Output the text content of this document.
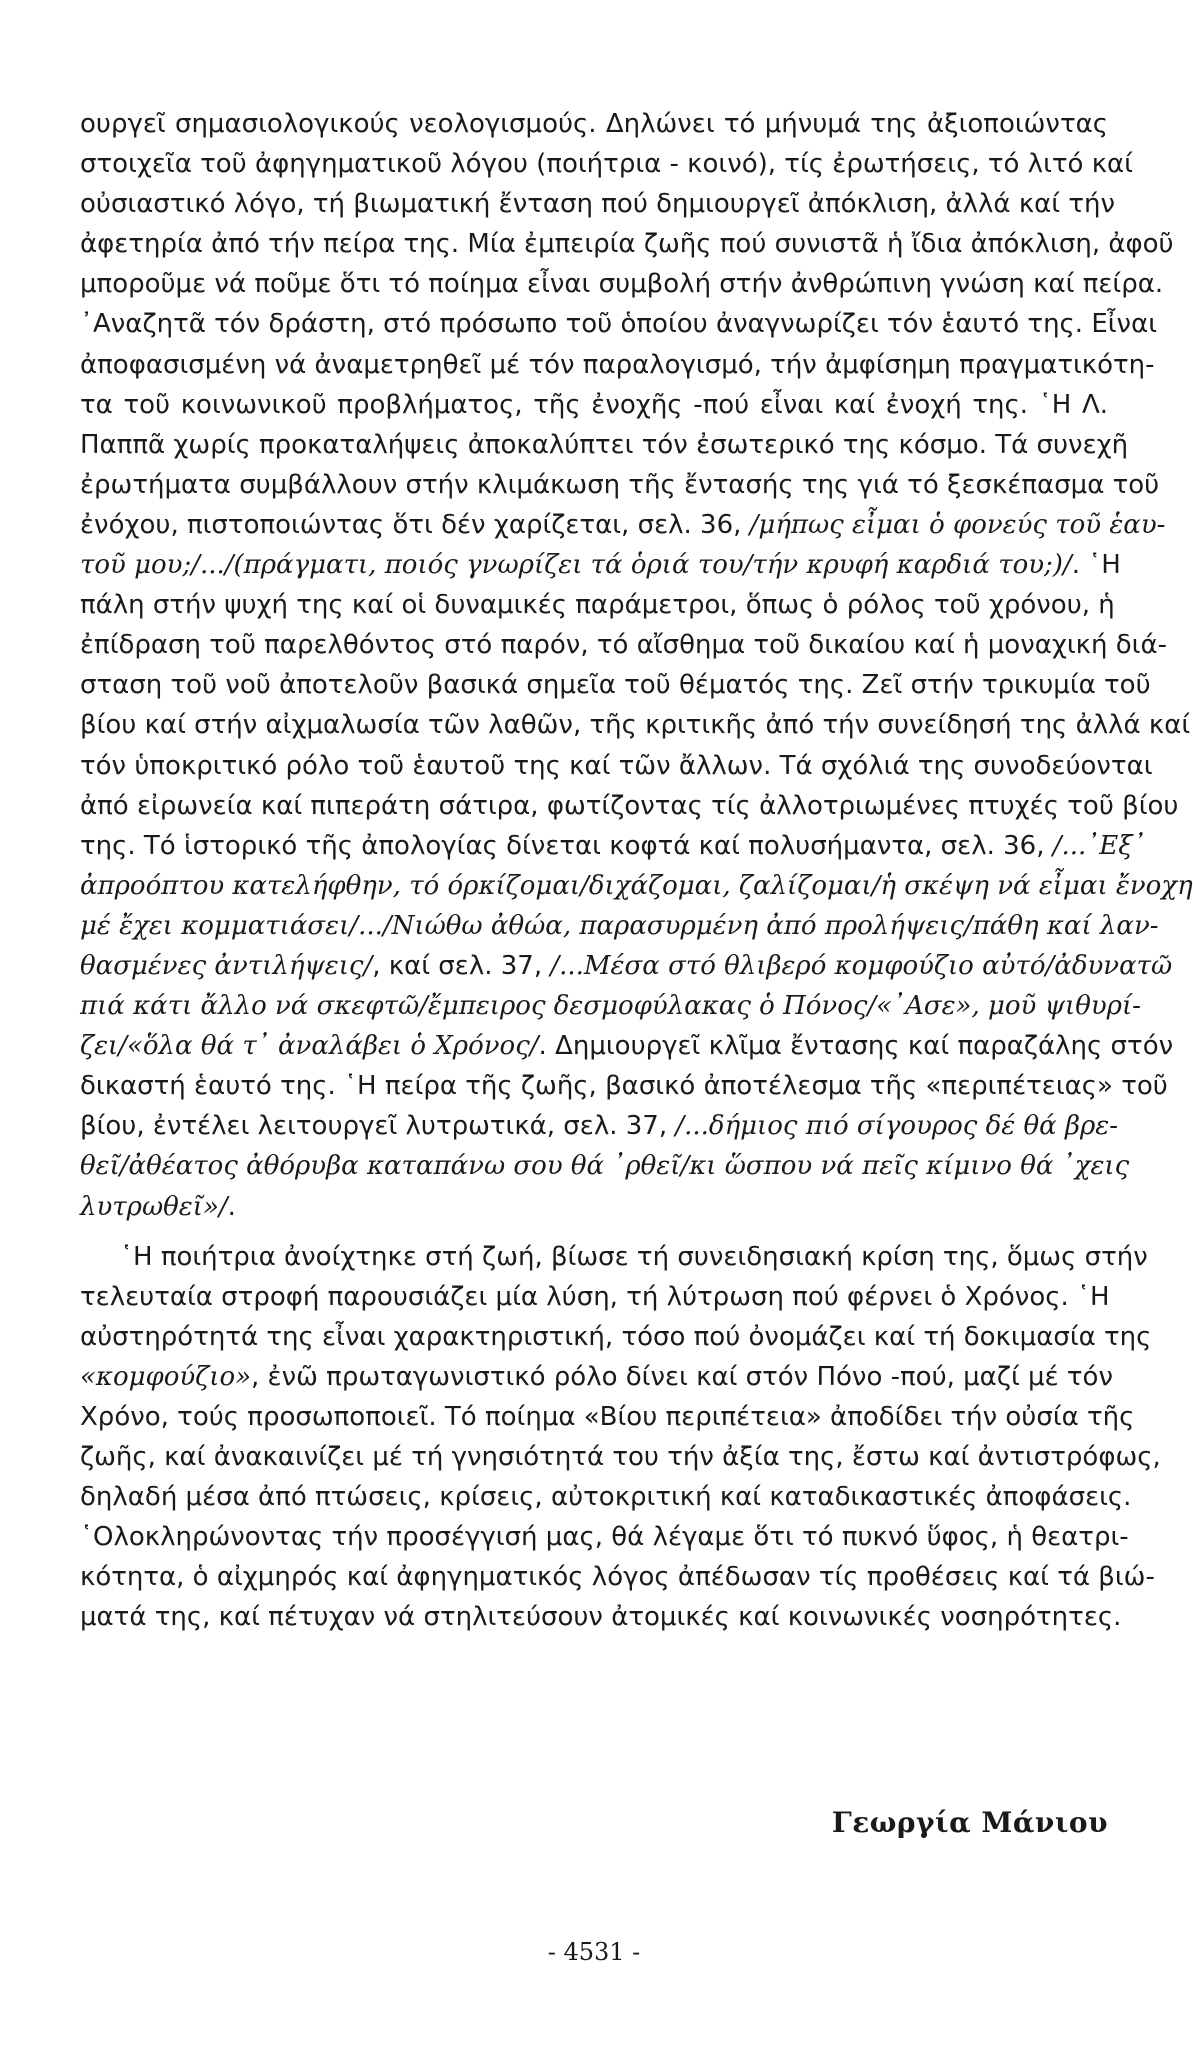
ουργεῖ σημασιολογικούς νεολογισμούς. Δηλώνει τό μήνυμά της ἀξιοποιώντας
στοιχεῖα τοῦ ἀφηγηματικοῦ λόγου (ποιήτρια - κοινό), τίς ἐρωτήσεις, τό λιτό καί
οὐσιαστικό λόγο, τή βιωματική ἔνταση πού δημιουργεῖ ἀπόκλιση, ἀλλά καί τήν
ἀφετηρία ἀπό τήν πείρα της. Μία ἐμπειρία ζωῆς πού συνιστᾶ ἡ ἴδια ἀπόκλιση, ἀφοῦ
μποροῦμε νά ποῦμε ὅτι τό ποίημα εἶναι συμβολή στήν ἀνθρώπινη γνώση καί πείρα.
᾿Αναζητᾶ τόν δράστη, στό πρόσωπο τοῦ ὁποίου ἀναγνωρίζει τόν ἑαυτό της. Εἶναι
ἀποφασισμένη νά ἀναμετρηθεῖ μέ τόν παραλογισμό, τήν ἀμφίσημη πραγματικότη-
τα τοῦ κοινωνικοῦ προβλήματος, τῆς ἐνοχῆς -πού εἶναι καί ἐνοχή της. ῾Η Λ.
Παππᾶ χωρίς προκαταλήψεις ἀποκαλύπτει τόν ἐσωτερικό της κόσμο. Τά συνεχῆ
ἐρωτήματα συμβάλλουν στήν κλιμάκωση τῆς ἔντασής της γιά τό ξεσκέπασμα τοῦ
ἐνόχου, πιστοποιώντας ὅτι δέν χαρίζεται, σελ. 36, /μήπως εἶμαι ὁ φονεύς τοῦ ἑαυ-
τοῦ μου;/.../(πράγματι, ποιός γνωρίζει τά ὁριά του/τήν κρυφή καρδιά του;)/. ῾Η
πάλη στήν ψυχή της καί οἱ δυναμικές παράμετροι, ὅπως ὁ ρόλος τοῦ χρόνου, ἡ
ἐπίδραση τοῦ παρελθόντος στό παρόν, τό αἴσθημα τοῦ δικαίου καί ἡ μοναχική διά-
σταση τοῦ νοῦ ἀποτελοῦν βασικά σημεῖα τοῦ θέματός της. Ζεῖ στήν τρικυμία τοῦ
βίου καί στήν αἰχμαλωσία τῶν λαθῶν, τῆς κριτικῆς ἀπό τήν συνείδησή της ἀλλά καί
τόν ὑποκριτικό ρόλο τοῦ ἑαυτοῦ της καί τῶν ἄλλων. Τά σχόλιά της συνοδεύονται
ἀπό εἰρωνεία καί πιπεράτη σάτιρα, φωτίζοντας τίς ἀλλοτριωμένες πτυχές τοῦ βίου
της. Τό ἱστορικό τῆς ἀπολογίας δίνεται κοφτά καί πολυσήμαντα, σελ. 36, /...᾿Εξ᾿
ἀπροόπτου κατελήφθην, τό όρκίζομαι/διχάζομαι, ζαλίζομαι/ἡ σκέψη νά εἶμαι ἔνοχη
μέ ἔχει κομματιάσει/.../Νιώθω ἀθώα, παρασυρμένη ἀπό προλήψεις/πάθη καί λαν-
θασμένες ἀντιλήψεις/, καί σελ. 37, /...Μέσα στό θλιβερό κομφούζιο αὐτό/ἀδυνατῶ
πιά κάτι ἄλλο νά σκεφτῶ/ἔμπειρος δεσμοφύλακας ὁ Πόνος/«᾿Ασε», μοῦ ψιθυρί-
ζει/«ὅλα θά τ᾿ ἀναλάβει ὁ Χρόνος/. Δημιουργεῖ κλῖμα ἔντασης καί παραζάλης στόν
δικαστή ἑαυτό της. ῾Η πείρα τῆς ζωῆς, βασικό ἀποτέλεσμα τῆς «περιπέτειας» τοῦ
βίου, ἐντέλει λειτουργεῖ λυτρωτικά, σελ. 37, /...δήμιος πιό σίγουρος δέ θά βρε-
θεῖ/ἀθέατος ἀθόρυβα καταπάνω σου θά ᾿ρθεῖ/κι ὥσπου νά πεῖς κίμινο θά ᾿χεις
λυτρωθεῖ»/.
῾Η ποιήτρια ἀνοίχτηκε στή ζωή, βίωσε τή συνειδησιακή κρίση της, ὅμως στήν
τελευταία στροφή παρουσιάζει μία λύση, τή λύτρωση πού φέρνει ὁ Χρόνος. ῾Η
αὐστηρότητά της εἶναι χαρακτηριστική, τόσο πού ὀνομάζει καί τή δοκιμασία της
«κομφούζιο», ἐνῶ πρωταγωνιστικό ρόλο δίνει καί στόν Πόνο -πού, μαζί μέ τόν
Χρόνο, τούς προσωποποιεῖ. Τό ποίημα «Βίου περιπέτεια» ἀποδίδει τήν οὐσία τῆς
ζωῆς, καί ἀνακαινίζει μέ τή γνησιότητά του τήν ἀξία της, ἔστω καί ἀντιστρόφως,
δηλαδή μέσα ἀπό πτώσεις, κρίσεις, αὐτοκριτική καί καταδικαστικές ἀποφάσεις.
῾Ολοκληρώνοντας τήν προσέγγισή μας, θά λέγαμε ὅτι τό πυκνό ὕφος, ἡ θεατρι-
κότητα, ὁ αἰχμηρός καί ἀφηγηματικός λόγος ἀπέδωσαν τίς προθέσεις καί τά βιώ-
ματά της, καί πέτυχαν νά στηλιτεύσουν ἀτομικές καί κοινωνικές νοσηρότητες.
Γεωργία Μάνιου
- 4531 -
